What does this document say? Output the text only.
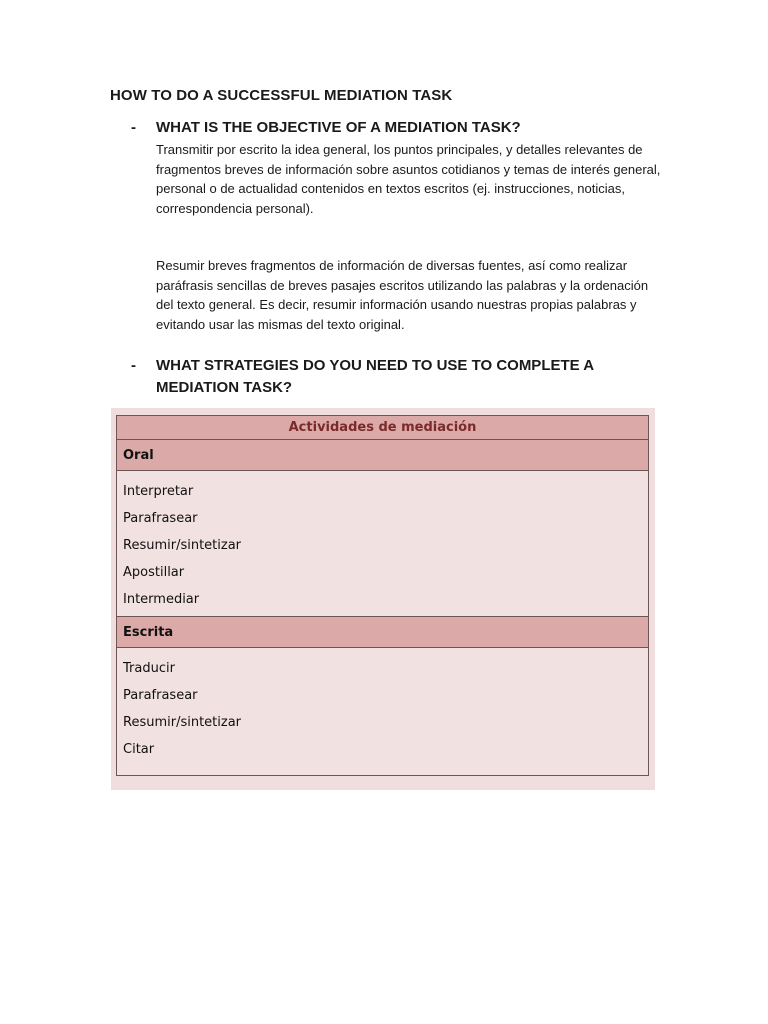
HOW TO DO A SUCCESSFUL MEDIATION TASK
- WHAT IS THE OBJECTIVE OF A MEDIATION TASK?
Transmitir por escrito la idea general, los puntos principales, y detalles relevantes de fragmentos breves de información sobre asuntos cotidianos y temas de interés general, personal o de actualidad contenidos en textos escritos (ej. instrucciones, noticias, correspondencia personal).
Resumir breves fragmentos de información de diversas fuentes, así como realizar paráfrasis sencillas de breves pasajes escritos utilizando las palabras y la ordenación del texto general. Es decir, resumir información usando nuestras propias palabras y evitando usar las mismas del texto original.
- WHAT STRATEGIES DO YOU NEED TO USE TO COMPLETE A MEDIATION TASK?
Actividades de mediación
Oral

Interpretar
Parafrasear
Resumir/sintetizar
Apostillar
Intermediar

Escrita

Traducir
Parafrasear
Resumir/sintetizar
Citar
